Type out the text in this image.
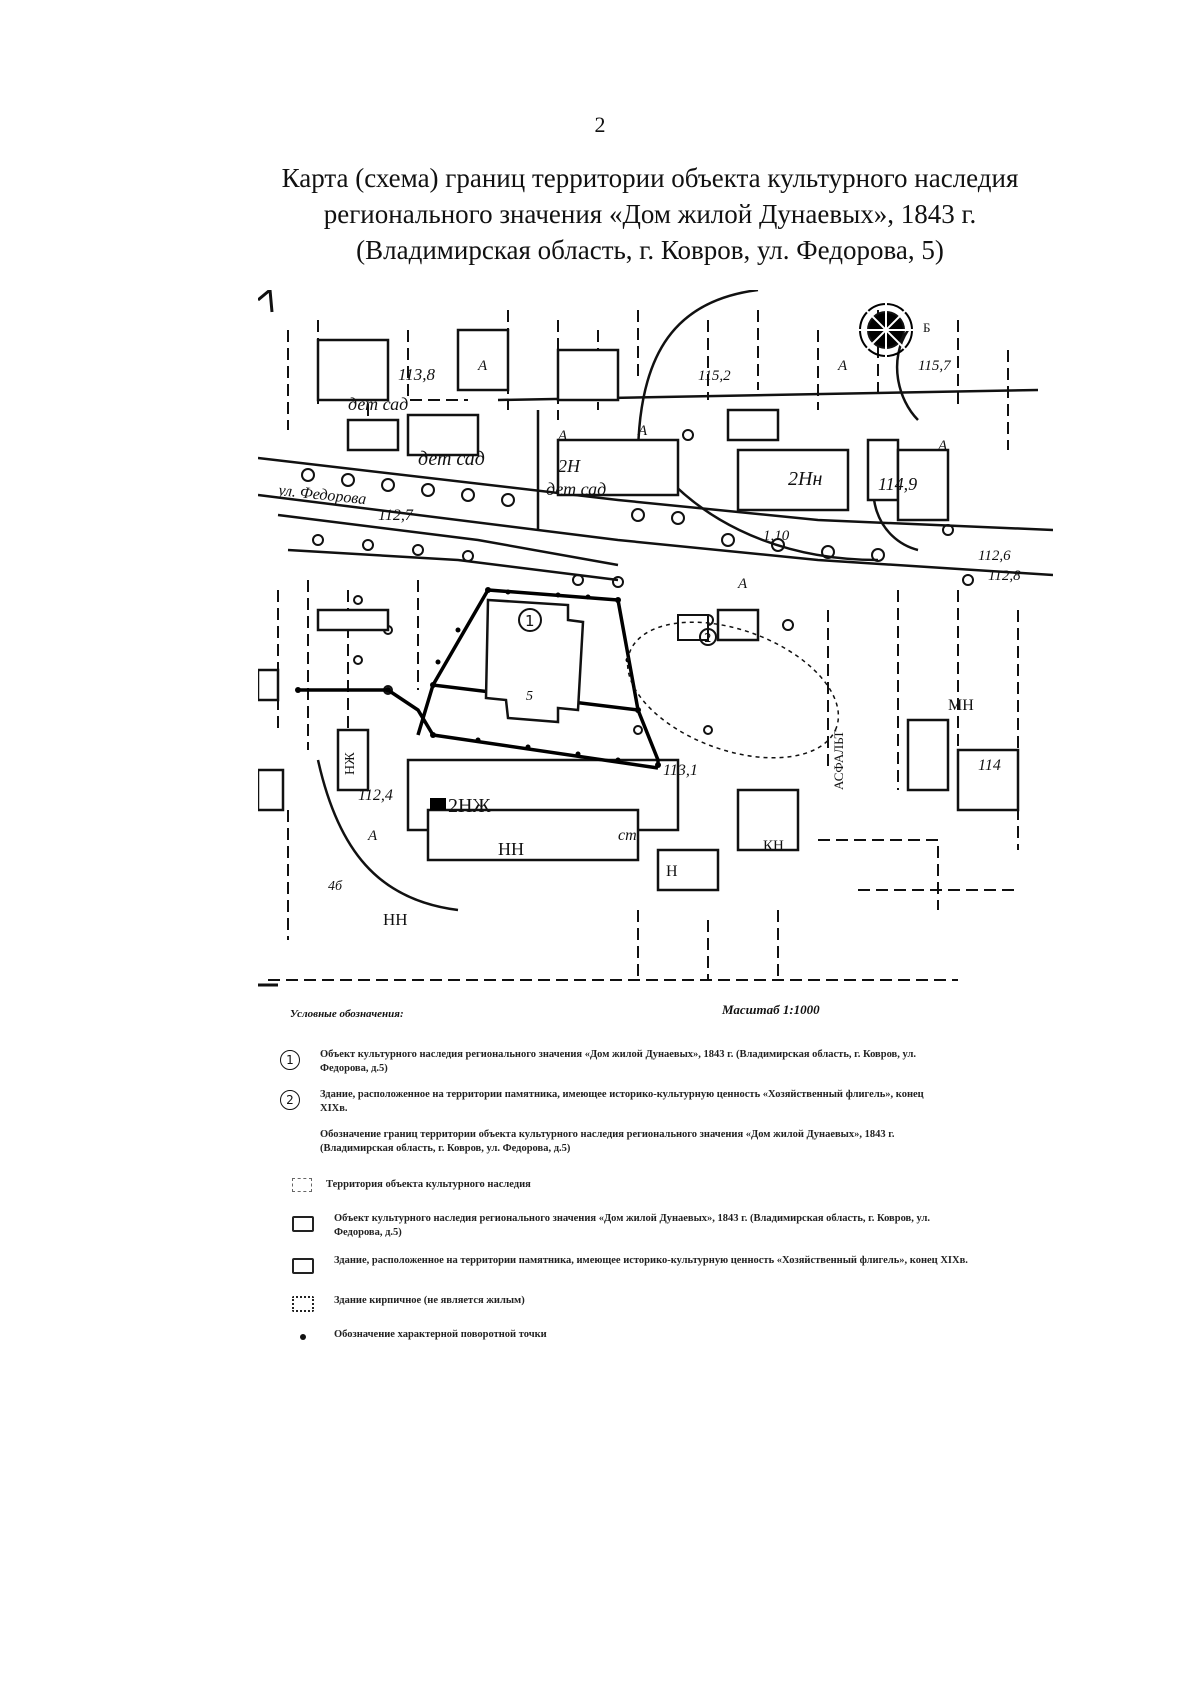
2
Карта (схема) границ территории объекта культурного наследия
регионального значения «Дом жилой Дунаевых», 1843 г.
(Владимирская область, г. Ковров, ул. Федорова, 5)
113,8
дет сад
дет сад
дет сад
ул. Федорова
112,7
2Н
2Нн
115,2
115,7
114,9
1,10
112,8
112,4
113,1	114
112,6
2НЖ
НН
НН
НЖ
Н
КН
МН
ст
5
4б
АСФАЛЬТ
А
А
А
А
А
А
А
Б
1
2
Условные обозначения:	Масштаб 1:1000
1	Объект культурного наследия регионального значения «Дом жилой Дунаевых», 1843 г. (Владимирская область, г. Ковров, ул. Федорова, д.5)
2	Здание, расположенное на территории памятника, имеющее историко-культурную ценность «Хозяйственный флигель», конец XIXв.
Обозначение границ территории объекта культурного наследия регионального значения «Дом жилой Дунаевых», 1843 г. (Владимирская область, г. Ковров, ул. Федорова, д.5)
Территория объекта культурного наследия
Объект культурного наследия регионального значения «Дом жилой Дунаевых», 1843 г. (Владимирская область, г. Ковров, ул. Федорова, д.5)
Здание, расположенное на территории памятника, имеющее историко-культурную ценность «Хозяйственный флигель», конец XIXв.
Здание кирпичное (не является жилым)
Обозначение характерной поворотной точки
